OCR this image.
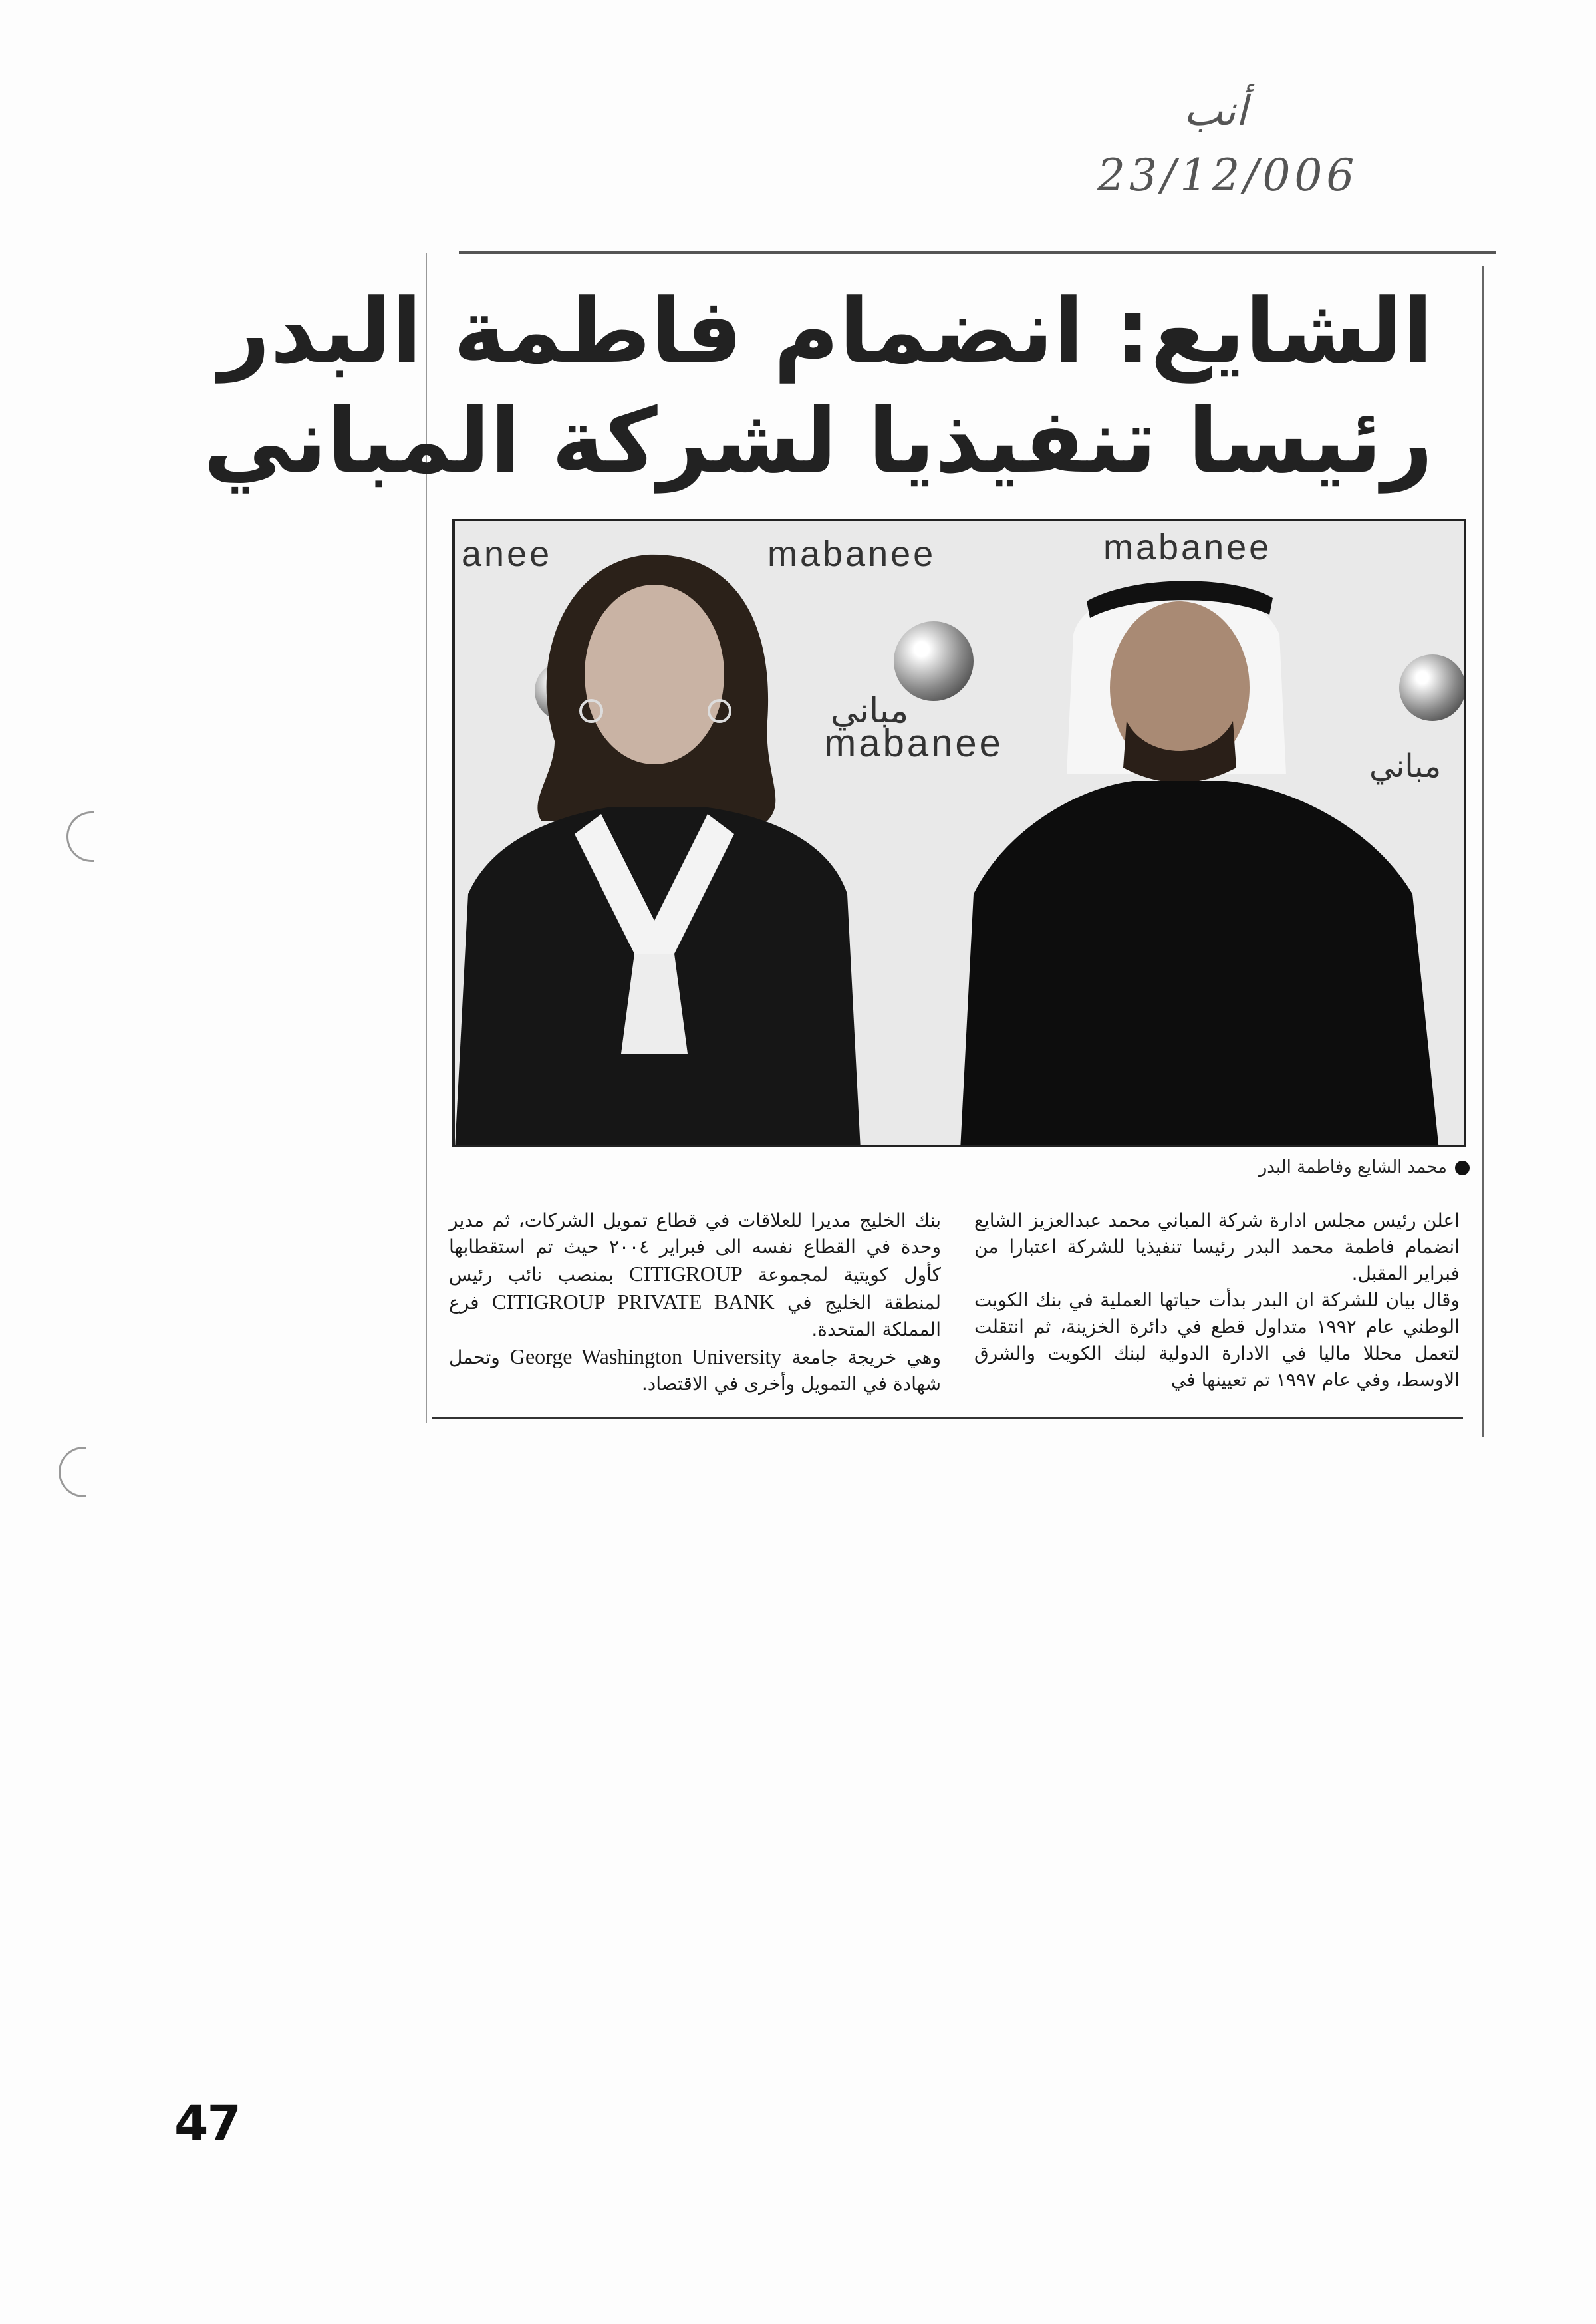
أنب
23/12/006
الشايع: انضمام فاطمة البدر
رئيسا تنفيذيا لشركة المباني
anee	mabanee	mabanee
مباني
mabanee
مباني
محمد الشايع وفاطمة البدر

اعلن رئيس مجلس ادارة شركة المباني محمد عبدالعزيز الشايع انضمام فاطمة محمد البدر رئيسا تنفيذيا للشركة اعتبارا من فبراير المقبل.

وقال بيان للشركة ان البدر بدأت حياتها العملية في بنك الكويت الوطني عام ١٩٩٢ متداول قطع في دائرة الخزينة، ثم انتقلت لتعمل محللا ماليا في الادارة الدولية لبنك الكويت والشرق الاوسط، وفي عام ١٩٩٧ تم تعيينها في

بنك الخليج مديرا للعلاقات في قطاع تمويل الشركات، ثم مدير وحدة في القطاع نفسه الى فبراير ٢٠٠٤ حيث تم استقطابها كأول كويتية لمجموعة CITIGROUP بمنصب نائب رئيس لمنطقة الخليج في CITIGROUP PRIVATE BANK فرع المملكة المتحدة.

وهي خريجة جامعة George Washington University وتحمل شهادة في التمويل وأخرى في الاقتصاد.

47
